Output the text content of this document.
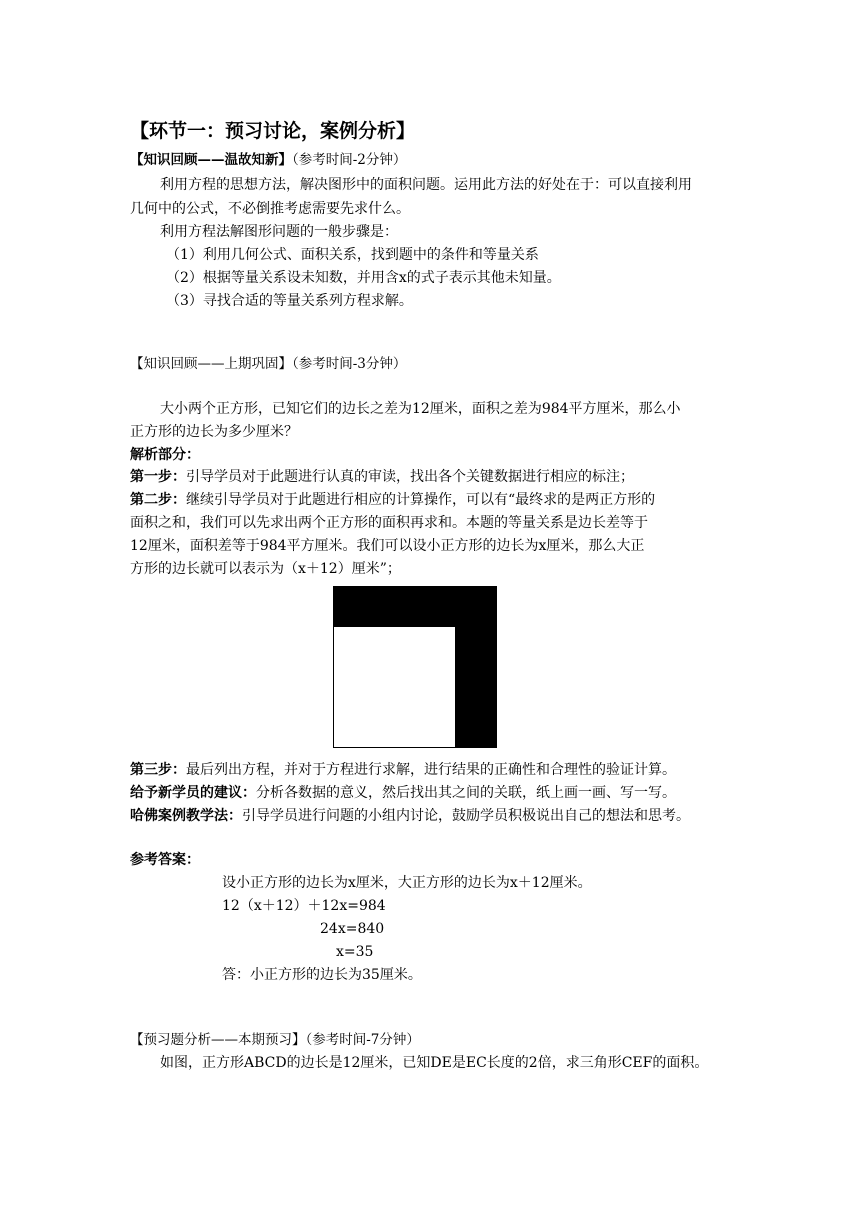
【环节一：预习讨论，案例分析】
【知识回顾——温故知新】（参考时间-2分钟）
利用方程的思想方法，解决图形中的面积问题。运用此方法的好处在于：可以直接利用
几何中的公式，不必倒推考虑需要先求什么。
利用方程法解图形问题的一般步骤是：
（1）利用几何公式、面积关系，找到题中的条件和等量关系
（2）根据等量关系设未知数，并用含x的式子表示其他未知量。
（3）寻找合适的等量关系列方程求解。
【知识回顾——上期巩固】（参考时间-3分钟）
大小两个正方形，已知它们的边长之差为12厘米，面积之差为984平方厘米，那么小
正方形的边长为多少厘米？
解析部分：
第一步：引导学员对于此题进行认真的审读，找出各个关键数据进行相应的标注；
第二步：继续引导学员对于此题进行相应的计算操作，可以有“最终求的是两正方形的
面积之和，我们可以先求出两个正方形的面积再求和。本题的等量关系是边长差等于
12厘米，面积差等于984平方厘米。我们可以设小正方形的边长为x厘米，那么大正
方形的边长就可以表示为（x＋12）厘米”；
第三步：最后列出方程，并对于方程进行求解，进行结果的正确性和合理性的验证计算。
给予新学员的建议：分析各数据的意义，然后找出其之间的关联，纸上画一画、写一写。
哈佛案例教学法：引导学员进行问题的小组内讨论，鼓励学员积极说出自己的想法和思考。
参考答案：
设小正方形的边长为x厘米，大正方形的边长为x＋12厘米。
12（x＋12）＋12x=984
24x=840
x=35
答：小正方形的边长为35厘米。
【预习题分析——本期预习】（参考时间-7分钟）
如图，正方形ABCD的边长是12厘米，已知DE是EC长度的2倍，求三角形CEF的面积。
